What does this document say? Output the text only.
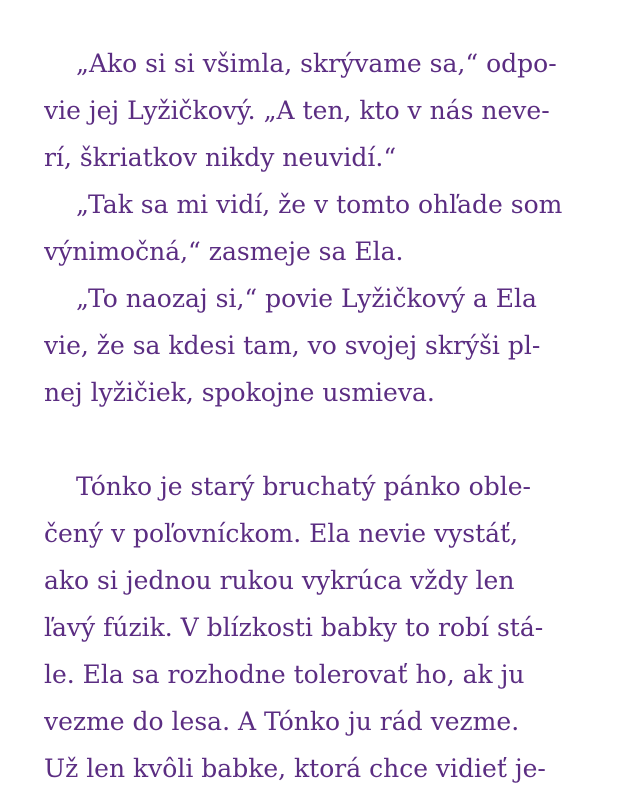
„Ako si si všimla, skrývame sa,“ odpo-
vie jej Lyžičkový. „A ten, kto v nás neve-
rí, škriatkov nikdy neuvidí.“
„Tak sa mi vidí, že v tomto ohľade som
výnimočná,“ zasmeje sa Ela.
„To naozaj si,“ povie Lyžičkový a Ela
vie, že sa kdesi tam, vo svojej skrýši pl-
nej lyžičiek, spokojne usmieva.
Tónko je starý bruchatý pánko oble-
čený v poľovníckom. Ela nevie vystáť,
ako si jednou rukou vykrúca vždy len
ľavý fúzik. V blízkosti babky to robí stá-
le. Ela sa rozhodne tolerovať ho, ak ju
vezme do lesa. A Tónko ju rád vezme.
Už len kvôli babke, ktorá chce vidieť je-
